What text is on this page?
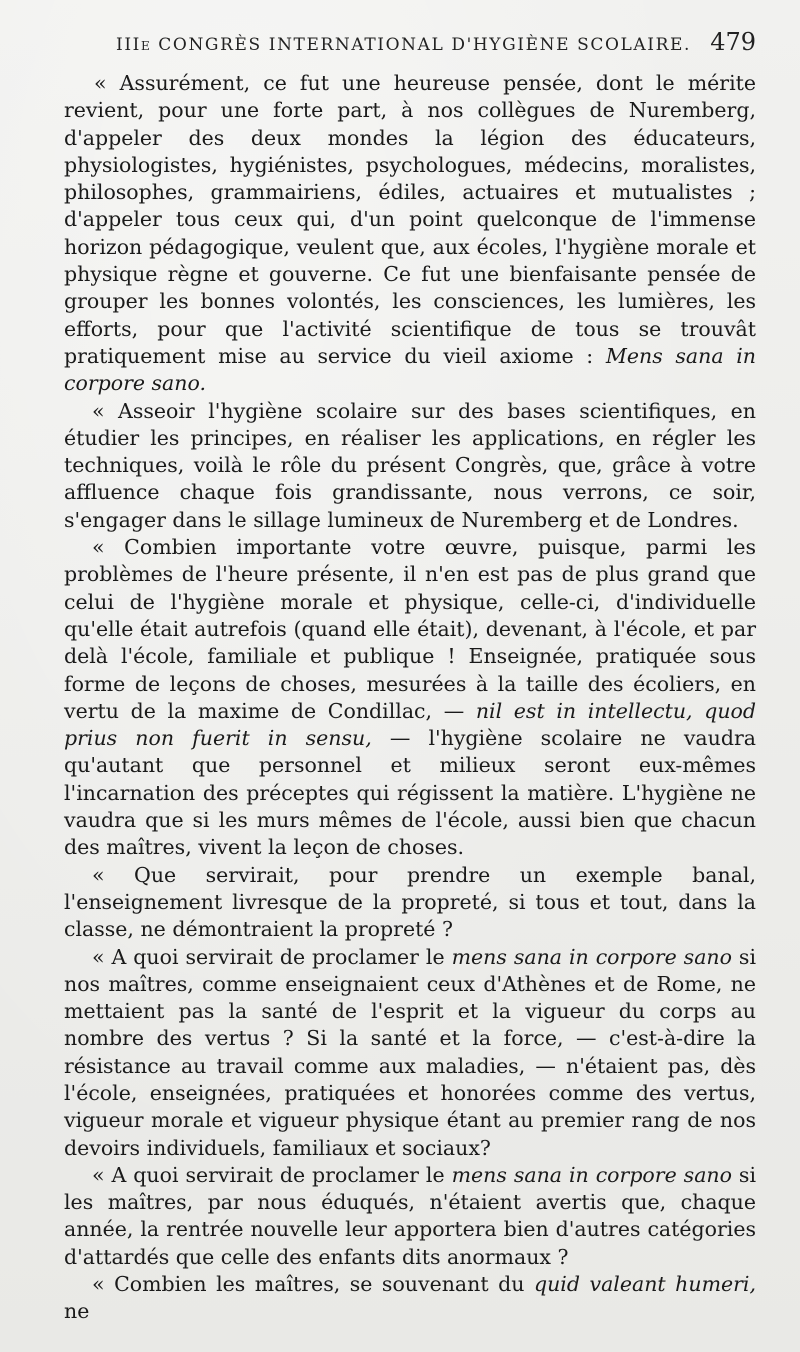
IIIe CONGRÈS INTERNATIONAL D'HYGIÈNE SCOLAIRE. 479

« Assurément, ce fut une heureuse pensée, dont le mérite revient, pour une forte part, à nos collègues de Nuremberg, d'appeler des deux mondes la légion des éducateurs, physiologistes, hygiénistes, psychologues, médecins, moralistes, philosophes, grammairiens, édiles, actuaires et mutualistes ; d'appeler tous ceux qui, d'un point quelconque de l'immense horizon pédagogique, veulent que, aux écoles, l'hygiène morale et physique règne et gouverne. Ce fut une bienfaisante pensée de grouper les bonnes volontés, les consciences, les lumières, les efforts, pour que l'activité scientifique de tous se trouvât pratiquement mise au service du vieil axiome : Mens sana in corpore sano.

« Asseoir l'hygiène scolaire sur des bases scientifiques, en étudier les principes, en réaliser les applications, en régler les techniques, voilà le rôle du présent Congrès, que, grâce à votre affluence chaque fois grandissante, nous verrons, ce soir, s'engager dans le sillage lumineux de Nuremberg et de Londres.

« Combien importante votre œuvre, puisque, parmi les problèmes de l'heure présente, il n'en est pas de plus grand que celui de l'hygiène morale et physique, celle-ci, d'individuelle qu'elle était autrefois (quand elle était), devenant, à l'école, et par delà l'école, familiale et publique ! Enseignée, pratiquée sous forme de leçons de choses, mesurées à la taille des écoliers, en vertu de la maxime de Condillac, — nil est in intellectu, quod prius non fuerit in sensu, — l'hygiène scolaire ne vaudra qu'autant que personnel et milieux seront eux-mêmes l'incarnation des préceptes qui régissent la matière. L'hygiène ne vaudra que si les murs mêmes de l'école, aussi bien que chacun des maîtres, vivent la leçon de choses.

« Que servirait, pour prendre un exemple banal, l'enseignement livresque de la propreté, si tous et tout, dans la classe, ne démontraient la propreté ?

« A quoi servirait de proclamer le mens sana in corpore sano si nos maîtres, comme enseignaient ceux d'Athènes et de Rome, ne mettaient pas la santé de l'esprit et la vigueur du corps au nombre des vertus ? Si la santé et la force, — c'est-à-dire la résistance au travail comme aux maladies, — n'étaient pas, dès l'école, enseignées, pratiquées et honorées comme des vertus, vigueur morale et vigueur physique étant au premier rang de nos devoirs individuels, familiaux et sociaux?

« A quoi servirait de proclamer le mens sana in corpore sano si les maîtres, par nous éduqués, n'étaient avertis que, chaque année, la rentrée nouvelle leur apportera bien d'autres catégories d'attardés que celle des enfants dits anormaux ?

« Combien les maîtres, se souvenant du quid valeant humeri, ne
